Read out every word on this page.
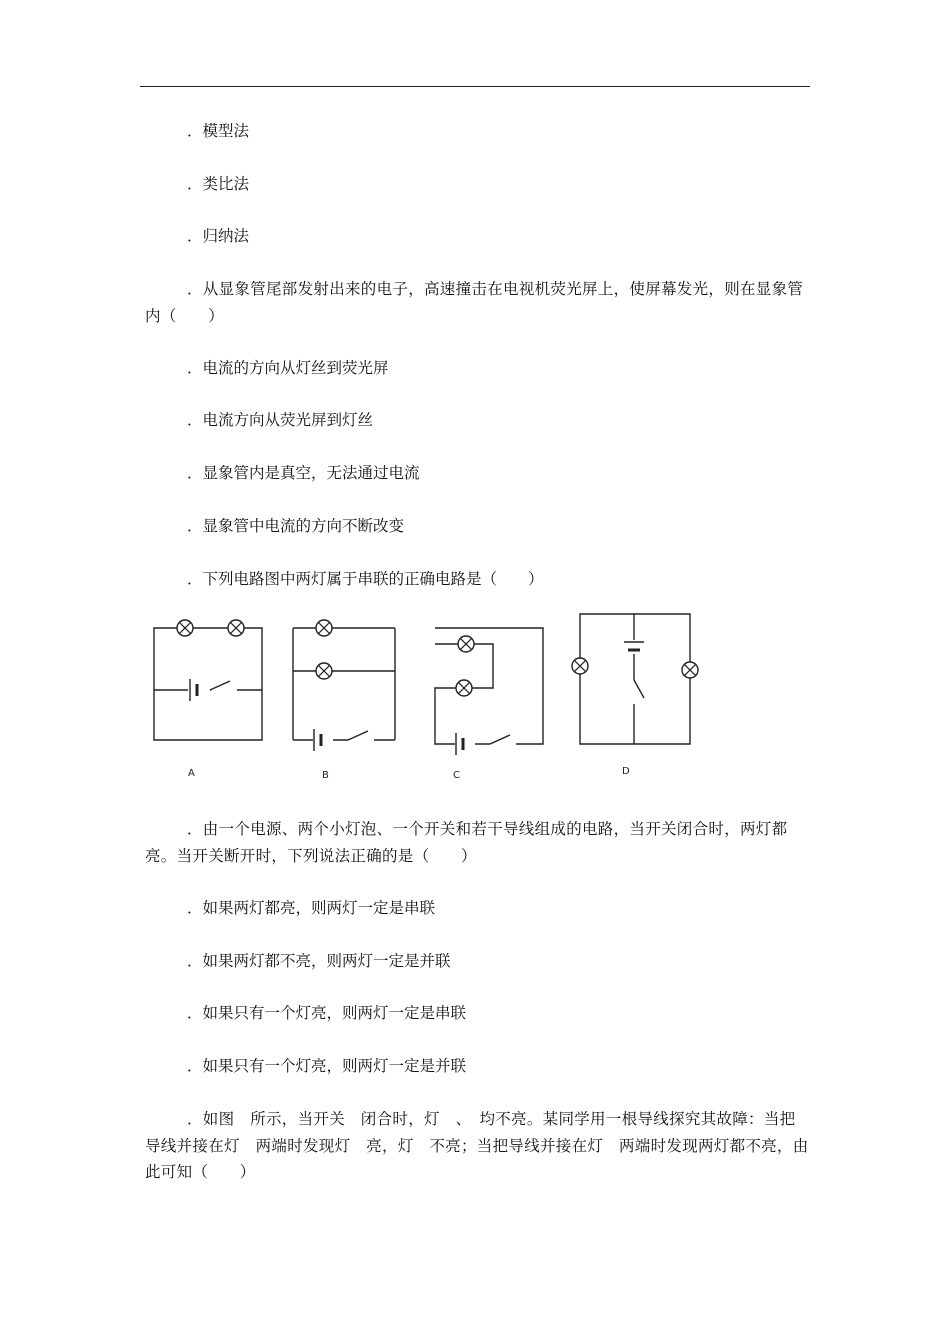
．模型法
．类比法
．归纳法
．从显象管尾部发射出来的电子，高速撞击在电视机荧光屏上，使屏幕发光，则在显象管内（　　）
．电流的方向从灯丝到荧光屏
．电流方向从荧光屏到灯丝
．显象管内是真空，无法通过电流
．显象管中电流的方向不断改变
．下列电路图中两灯属于串联的正确电路是（　　）
A	B	C	D
．由一个电源、两个小灯泡、一个开关和若干导线组成的电路，当开关闭合时，两灯都亮。当开关断开时，下列说法正确的是（　　）
．如果两灯都亮，则两灯一定是串联
．如果两灯都不亮，则两灯一定是并联
．如果只有一个灯亮，则两灯一定是串联
．如果只有一个灯亮，则两灯一定是并联
．如图　所示，当开关　闭合时，灯　、　均不亮。某同学用一根导线探究其故障：当把导线并接在灯　两端时发现灯　亮，灯　不亮；当把导线并接在灯　两端时发现两灯都不亮，由此可知（　　）
